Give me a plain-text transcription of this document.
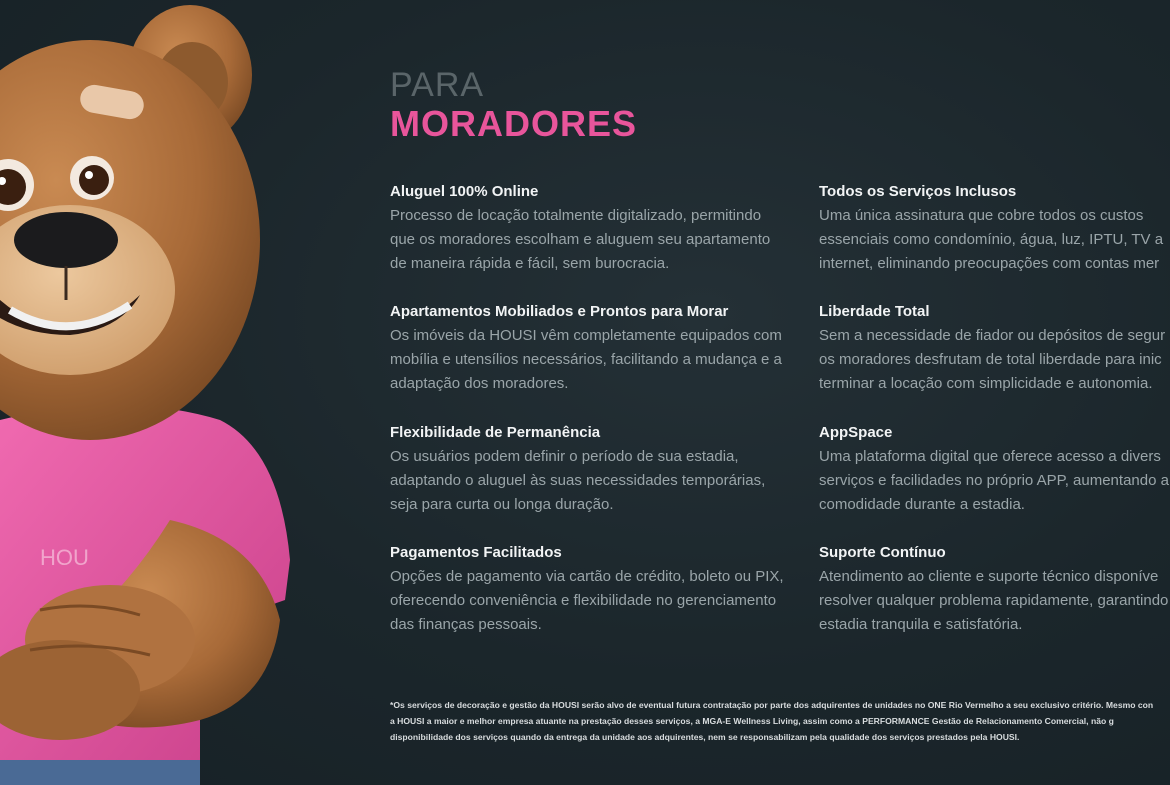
HOU
PARA
MORADORES
Aluguel 100% Online
Processo de locação totalmente digitalizado, permitindo
que os moradores escolham e aluguem seu apartamento
de maneira rápida e fácil, sem burocracia.
Todos os Serviços Inclusos
Uma única assinatura que cobre todos os custos
essenciais como condomínio, água, luz, IPTU, TV a
internet, eliminando preocupações com contas mer
Apartamentos Mobiliados e Prontos para Morar
Os imóveis da HOUSI vêm completamente equipados com
mobília e utensílios necessários, facilitando a mudança e a
adaptação dos moradores.
Liberdade Total
Sem a necessidade de fiador ou depósitos de segur
os moradores desfrutam de total liberdade para inic
terminar a locação com simplicidade e autonomia.
Flexibilidade de Permanência
Os usuários podem definir o período de sua estadia,
adaptando o aluguel às suas necessidades temporárias,
seja para curta ou longa duração.
AppSpace
Uma plataforma digital que oferece acesso a divers
serviços e facilidades no próprio APP, aumentando a
comodidade durante a estadia.
Pagamentos Facilitados
Opções de pagamento via cartão de crédito, boleto ou PIX,
oferecendo conveniência e flexibilidade no gerenciamento
das finanças pessoais.
Suporte Contínuo
Atendimento ao cliente e suporte técnico disponíve
resolver qualquer problema rapidamente, garantindo
estadia tranquila e satisfatória.
*Os serviços de decoração e gestão da HOUSI serão alvo de eventual futura contratação por parte dos adquirentes de unidades no ONE Rio Vermelho a seu exclusivo critério. Mesmo con
a HOUSI a maior e melhor empresa atuante na prestação desses serviços, a MGA-E Wellness Living, assim como a PERFORMANCE Gestão de Relacionamento Comercial, não g
disponibilidade dos serviços quando da entrega da unidade aos adquirentes, nem se responsabilizam pela qualidade dos serviços prestados pela HOUSI.
